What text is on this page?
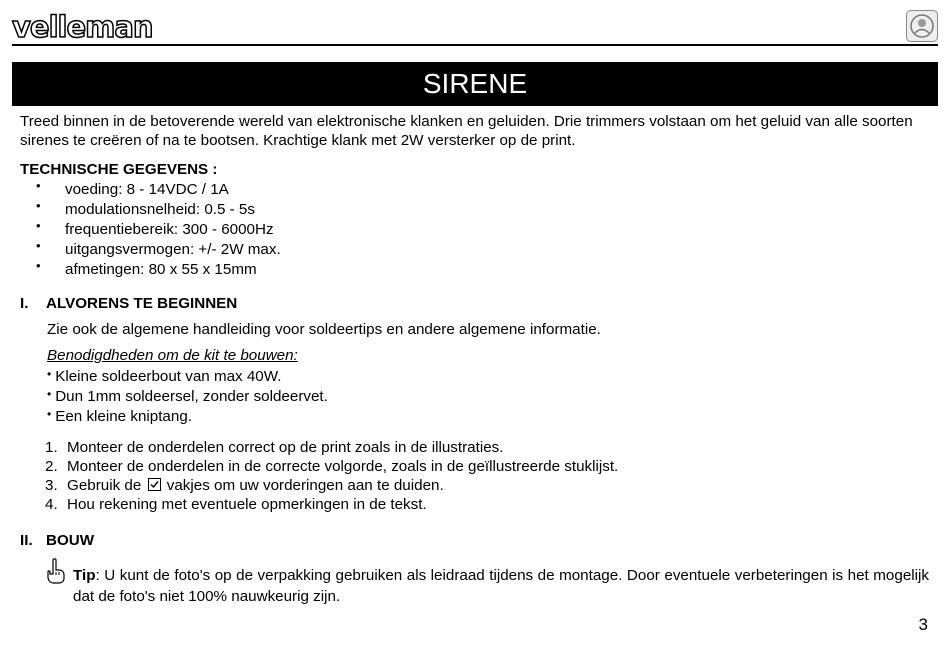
velleman
SIRENE

Treed binnen in de betoverende wereld van elektronische klanken en geluiden. Drie trimmers volstaan om het geluid van alle soorten sirenes te creëren of na te bootsen. Krachtige klank met 2W versterker op de print.

TECHNISCHE GEGEVENS :

• voeding: 8 - 14VDC / 1A
• modulationsnelheid: 0.5 - 5s
• frequentiebereik: 300 - 6000Hz
• uitgangsvermogen: +/- 2W max.
• afmetingen: 80 x 55 x 15mm

I. ALVORENS TE BEGINNEN

Zie ook de algemene handleiding voor soldeertips en andere algemene informatie.

Benodigdheden om de kit te bouwen:

• Kleine soldeerbout van max 40W.
• Dun 1mm soldeersel, zonder soldeervet.
• Een kleine kniptang.
1. Monteer de onderdelen correct op de print zoals in de illustraties.
2. Monteer de onderdelen in de correcte volgorde, zoals in de geïllustreerde stuklijst.
3. Gebruik de vakjes om uw vorderingen aan te duiden.
4. Hou rekening met eventuele opmerkingen in de tekst.

II. BOUW

Tip: U kunt de foto's op de verpakking gebruiken als leidraad tijdens de montage. Door eventuele verbeteringen is het mogelijk dat de foto's niet 100% nauwkeurig zijn.

3
